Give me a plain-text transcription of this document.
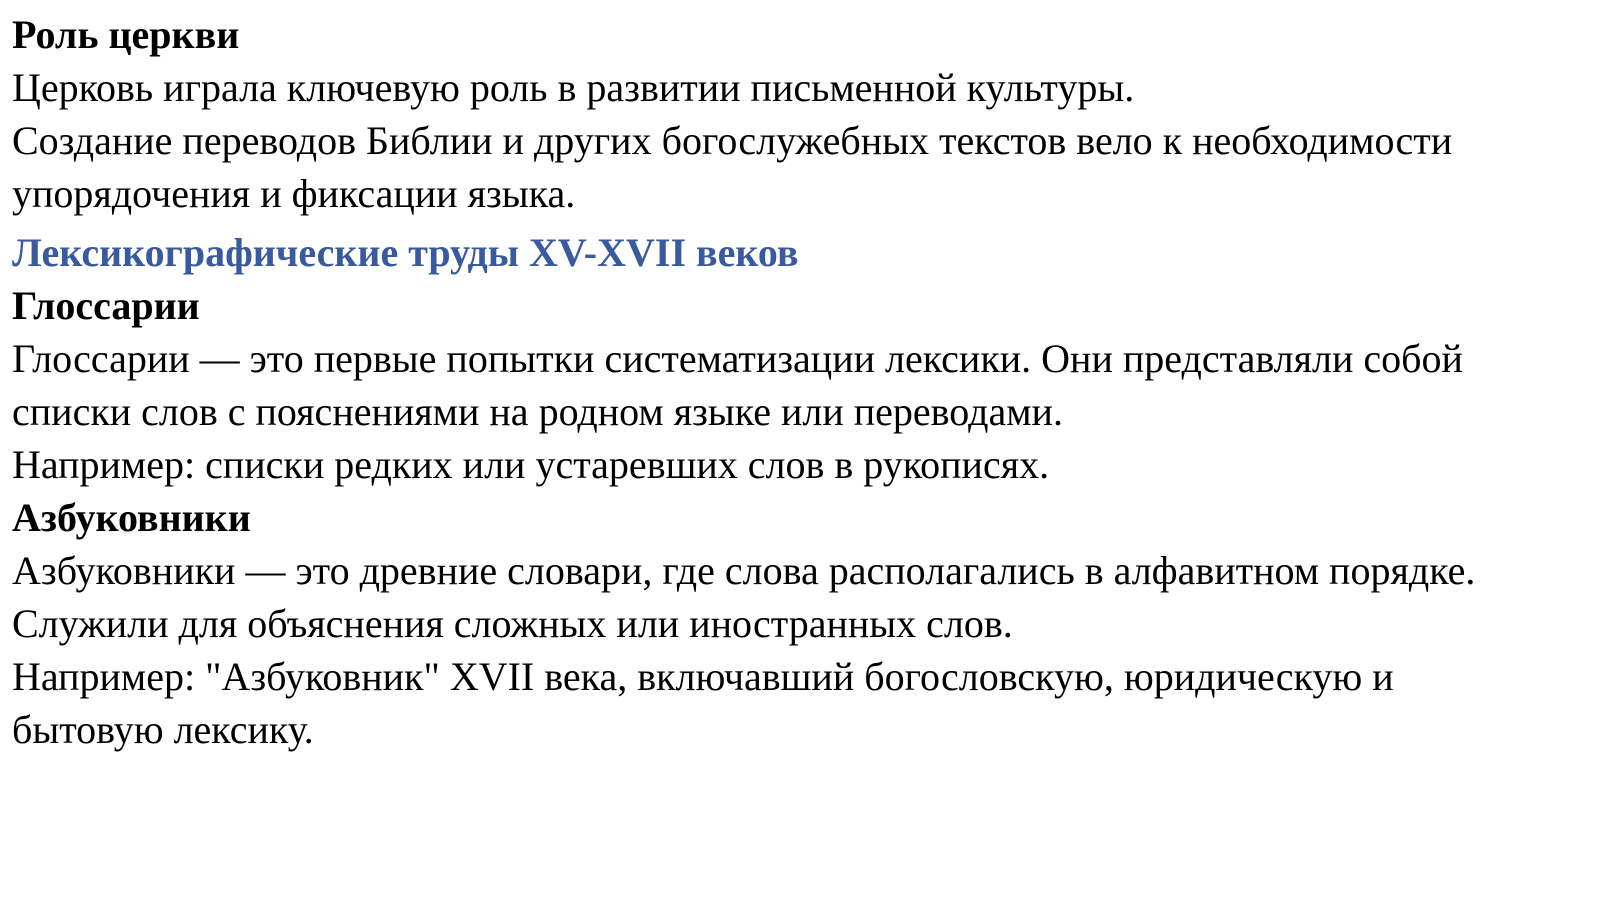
Роль церкви

Церковь играла ключевую роль в развитии письменной культуры.

Создание переводов Библии и других богослужебных текстов вело к необходимости упорядочения и фиксации языка.

Лексикографические труды XV-XVII веков
Глоссарии

Глоссарии — это первые попытки систематизации лексики. Они представляли собой списки слов с пояснениями на родном языке или переводами.

Например: списки редких или устаревших слов в рукописях.

Азбуковники

Азбуковники — это древние словари, где слова располагались в алфавитном порядке.

Служили для объяснения сложных или иностранных слов.

Например: "Азбуковник" XVII века, включавший богословскую, юридическую и бытовую лексику.
